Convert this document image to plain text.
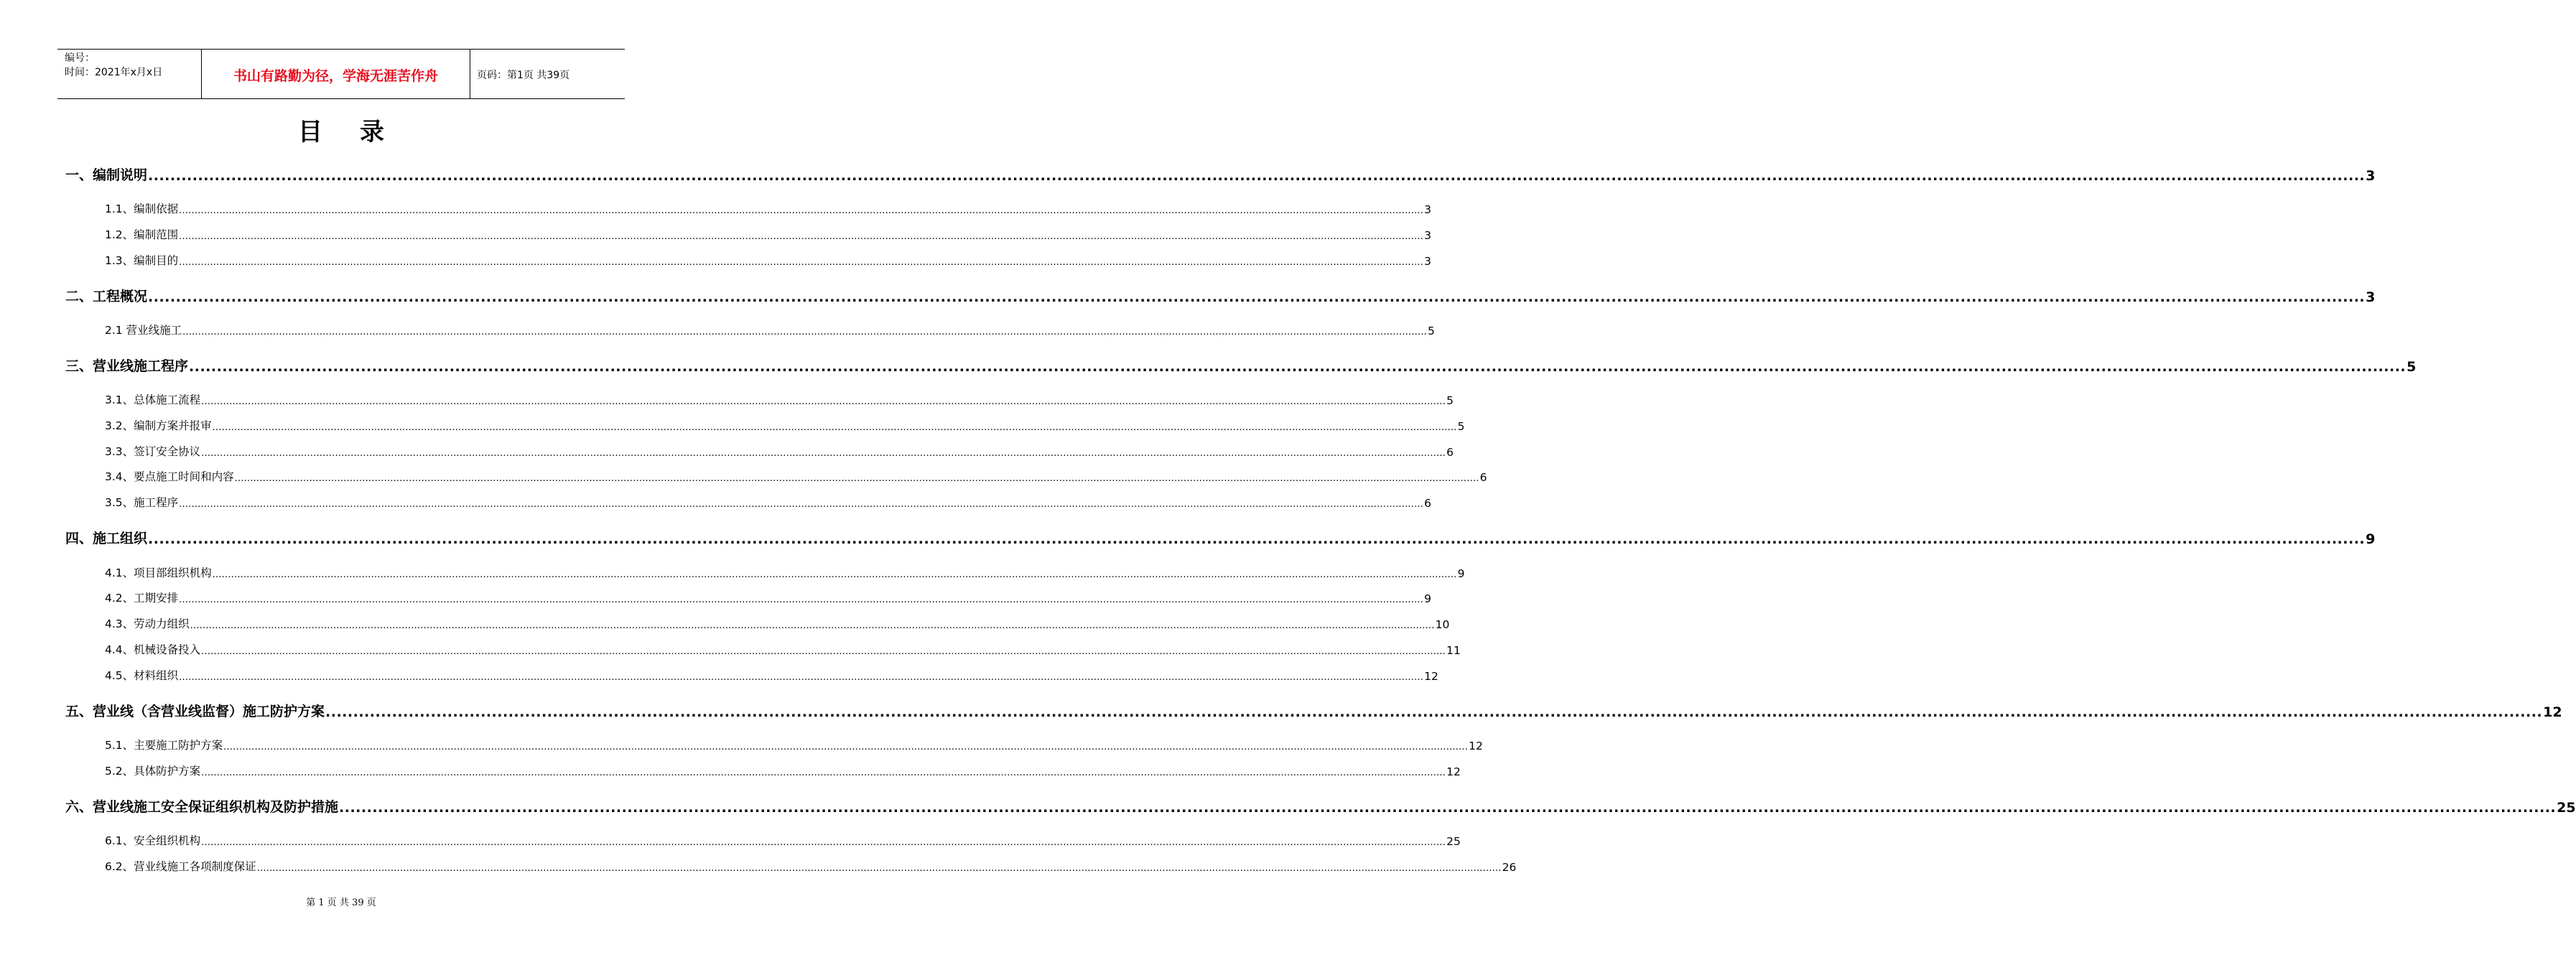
编号：
时间：2021年x月x日	书山有路勤为径，学海无涯苦作舟	页码：第1页 共39页
目录
一、编制说明 ................................................................................................................................................................................................................................................................................................................................................................................................................ 3
1.1、编制依据 ................................................................................................................................................................................................................................................................................................................................................................................................................ 3
1.2、编制范围 ................................................................................................................................................................................................................................................................................................................................................................................................................ 3
1.3、编制目的 ................................................................................................................................................................................................................................................................................................................................................................................................................ 3
二、工程概况 ................................................................................................................................................................................................................................................................................................................................................................................................................ 3
2.1 营业线施工 ................................................................................................................................................................................................................................................................................................................................................................................................................ 5
三、营业线施工程序 ................................................................................................................................................................................................................................................................................................................................................................................................................ 5
3.1、总体施工流程 ................................................................................................................................................................................................................................................................................................................................................................................................................ 5
3.2、编制方案并报审 ................................................................................................................................................................................................................................................................................................................................................................................................................ 5
3.3、签订安全协议 ................................................................................................................................................................................................................................................................................................................................................................................................................ 6
3.4、要点施工时间和内容 ................................................................................................................................................................................................................................................................................................................................................................................................................ 6
3.5、施工程序 ................................................................................................................................................................................................................................................................................................................................................................................................................ 6
四、施工组织 ................................................................................................................................................................................................................................................................................................................................................................................................................ 9
4.1、项目部组织机构 ................................................................................................................................................................................................................................................................................................................................................................................................................ 9
4.2、工期安排 ................................................................................................................................................................................................................................................................................................................................................................................................................ 9
4.3、劳动力组织 ................................................................................................................................................................................................................................................................................................................................................................................................................ 10
4.4、机械设备投入 ................................................................................................................................................................................................................................................................................................................................................................................................................ 11
4.5、材料组织 ................................................................................................................................................................................................................................................................................................................................................................................................................ 12
五、营业线（含营业线监督）施工防护方案 ................................................................................................................................................................................................................................................................................................................................................................................................................ 12
5.1、主要施工防护方案 ................................................................................................................................................................................................................................................................................................................................................................................................................ 12
5.2、具体防护方案 ................................................................................................................................................................................................................................................................................................................................................................................................................ 12
六、营业线施工安全保证组织机构及防护措施 ................................................................................................................................................................................................................................................................................................................................................................................................................ 25
6.1、安全组织机构 ................................................................................................................................................................................................................................................................................................................................................................................................................ 25
6.2、营业线施工各项制度保证 ................................................................................................................................................................................................................................................................................................................................................................................................................ 26
第 1 页 共 39 页
